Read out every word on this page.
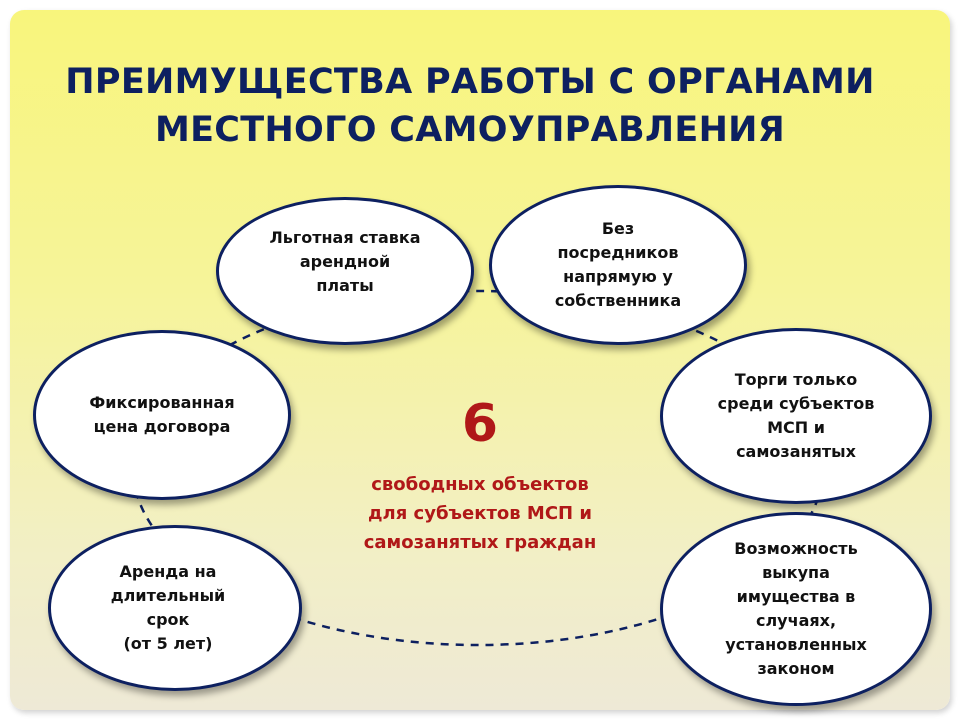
ПРЕИМУЩЕСТВА РАБОТЫ С ОРГАНАМИ
МЕСТНОГО САМОУПРАВЛЕНИЯ
Льготная ставка
арендной
платы
Без
посредников
напрямую у
собственника
Торги только
среди субъектов
МСП и
самозанятых
Возможность
выкупа
имущества в
случаях,
установленных
законом
Аренда на
длительный
срок
(от 5 лет)
Фиксированная
цена договора	6
свободных объектов
для субъектов МСП и
самозанятых граждан
